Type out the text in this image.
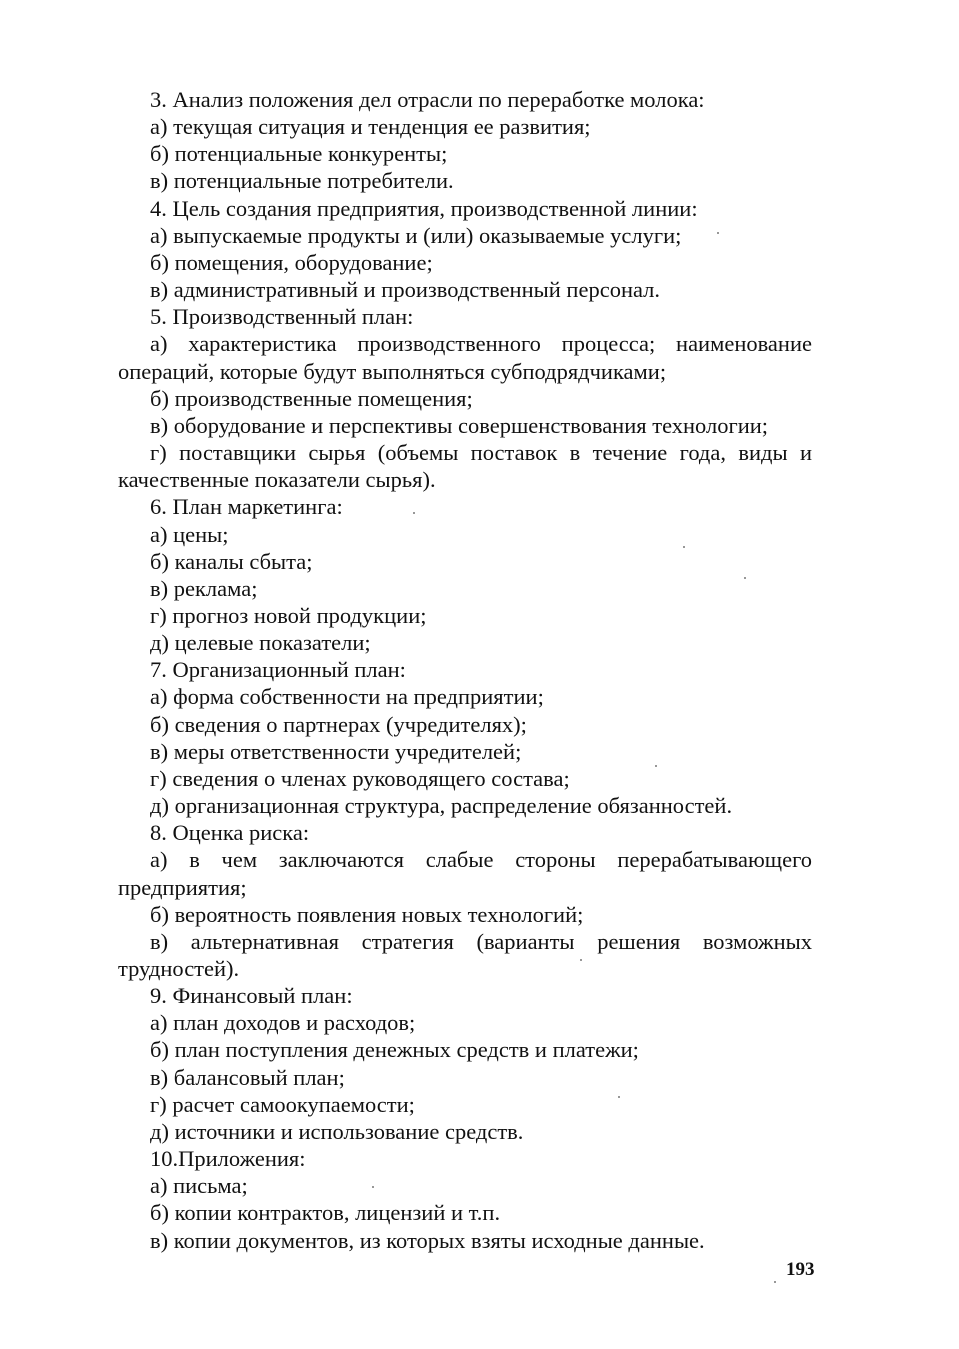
3. Анализ положения дел отрасли по переработке молока:

а) текущая ситуация и тенденция ее развития;

б) потенциальные конкуренты;

в) потенциальные потребители.

4. Цель создания предприятия, производственной линии:

а) выпускаемые продукты и (или) оказываемые услуги;

б) помещения, оборудование;

в) административный и производственный персонал.

5. Производственный план:

а) характеристика производственного процесса; наименование операций, которые будут выполняться субподрядчиками;

б) производственные помещения;

в) оборудование и перспективы совершенствования технологии;

г) поставщики сырья (объемы поставок в течение года, виды и качественные показатели сырья).

6. План маркетинга:

а) цены;

б) каналы сбыта;

в) реклама;

г) прогноз новой продукции;

д) целевые показатели;

7. Организационный план:

а) форма собственности на предприятии;

б) сведения о партнерах (учредителях);

в) меры ответственности учредителей;

г) сведения о членах руководящего состава;

д) организационная структура, распределение обязанностей.

8. Оценка риска:

а) в чем заключаются слабые стороны перерабатывающего предприятия;

б) вероятность появления новых технологий;

в) альтернативная стратегия (варианты решения возможных трудностей).

9. Финансовый план:

а) план доходов и расходов;

б) план поступления денежных средств и платежи;

в) балансовый план;

г) расчет самоокупаемости;

д) источники и использование средств.

10.Приложения:

а) письма;

б) копии контрактов, лицензий и т.п.

в) копии документов, из которых взяты исходные данные.

193
